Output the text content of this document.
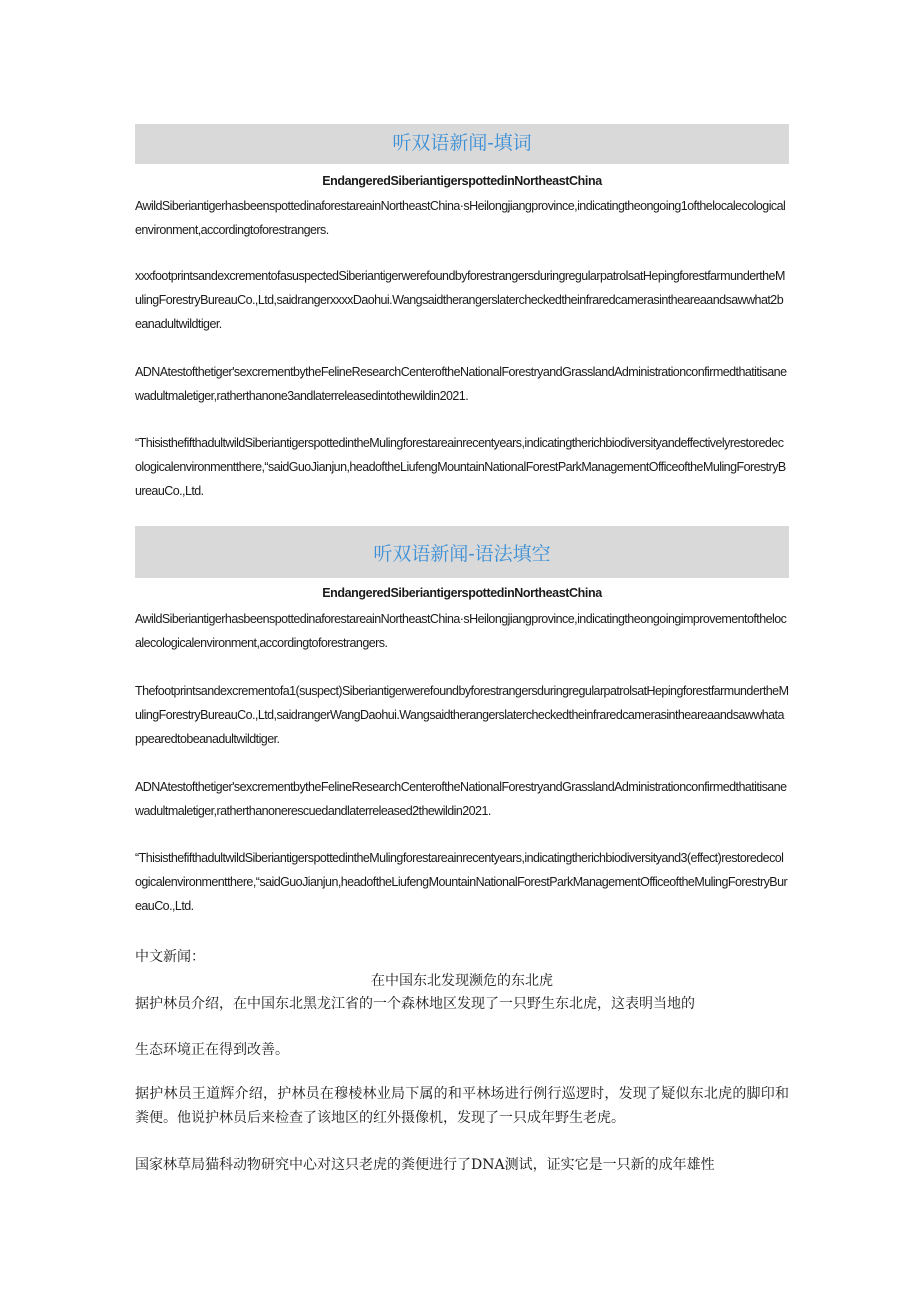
听双语新闻-填词
EndangeredSiberiantigerspottedinNortheastChina
AwildSiberiantigerhasbeenspottedinaforestareainNortheastChina·sHeilongjiangprovince,indicatingtheongoing1ofthelocalecologicalenvironment,accordingtoforestrangers.
xxxfootprintsandexcrementofasuspectedSiberiantigerwerefoundbyforestrangersduringregularpatrolsatHepingforestfarmundertheMulingForestryBureauCo.,Ltd,saidrangerxxxxDaohui.Wangsaidtherangerslatercheckedtheinfraredcamerasintheareaandsawwhat2beanadultwildtiger.
ADNAtestofthetiger'sexcrementbytheFelineResearchCenteroftheNationalForestryandGrasslandAdministrationconfirmedthatitisanewadultmaletiger,ratherthanone3andlaterreleasedintothewildin2021.
“ThisisthefifthadultwildSiberiantigerspottedintheMulingforestareainrecentyears,indicatingtherichbiodiversityandeffectivelyrestoredecologicalenvironmentthere,“saidGuoJianjun,headoftheLiufengMountainNationalForestParkManagementOfficeoftheMulingForestryBureauCo.,Ltd.
听双语新闻-语法填空
EndangeredSiberiantigerspottedinNortheastChina
AwildSiberiantigerhasbeenspottedinaforestareainNortheastChina·sHeilongjiangprovince,indicatingtheongoingimprovementofthelocalecologicalenvironment,accordingtoforestrangers.
Thefootprintsandexcrementofa1(suspect)SiberiantigerwerefoundbyforestrangersduringregularpatrolsatHepingforestfarmundertheMulingForestryBureauCo.,Ltd,saidrangerWangDaohui.Wangsaidtherangerslatercheckedtheinfraredcamerasintheareaandsawwhatappearedtobeanadultwildtiger.
ADNAtestofthetiger'sexcrementbytheFelineResearchCenteroftheNationalForestryandGrasslandAdministrationconfirmedthatitisanewadultmaletiger,ratherthanonerescuedandlaterreleased2thewildin2021.
“ThisisthefifthadultwildSiberiantigerspottedintheMulingforestareainrecentyears,indicatingtherichbiodiversityand3(effect)restoredecologicalenvironmentthere,“saidGuoJianjun,headoftheLiufengMountainNationalForestParkManagementOfficeoftheMulingForestryBureauCo.,Ltd.
中文新闻：
在中国东北发现濒危的东北虎
据护林员介绍，在中国东北黑龙江省的一个森林地区发现了一只野生东北虎，这表明当地的
生态环境正在得到改善。
据护林员王道辉介绍，护林员在穆棱林业局下属的和平林场进行例行巡逻时，发现了疑似东北虎的脚印和粪便。他说护林员后来检查了该地区的红外摄像机，发现了一只成年野生老虎。
国家林草局猫科动物研究中心对这只老虎的粪便进行了DNA测试，证实它是一只新的成年雄性
